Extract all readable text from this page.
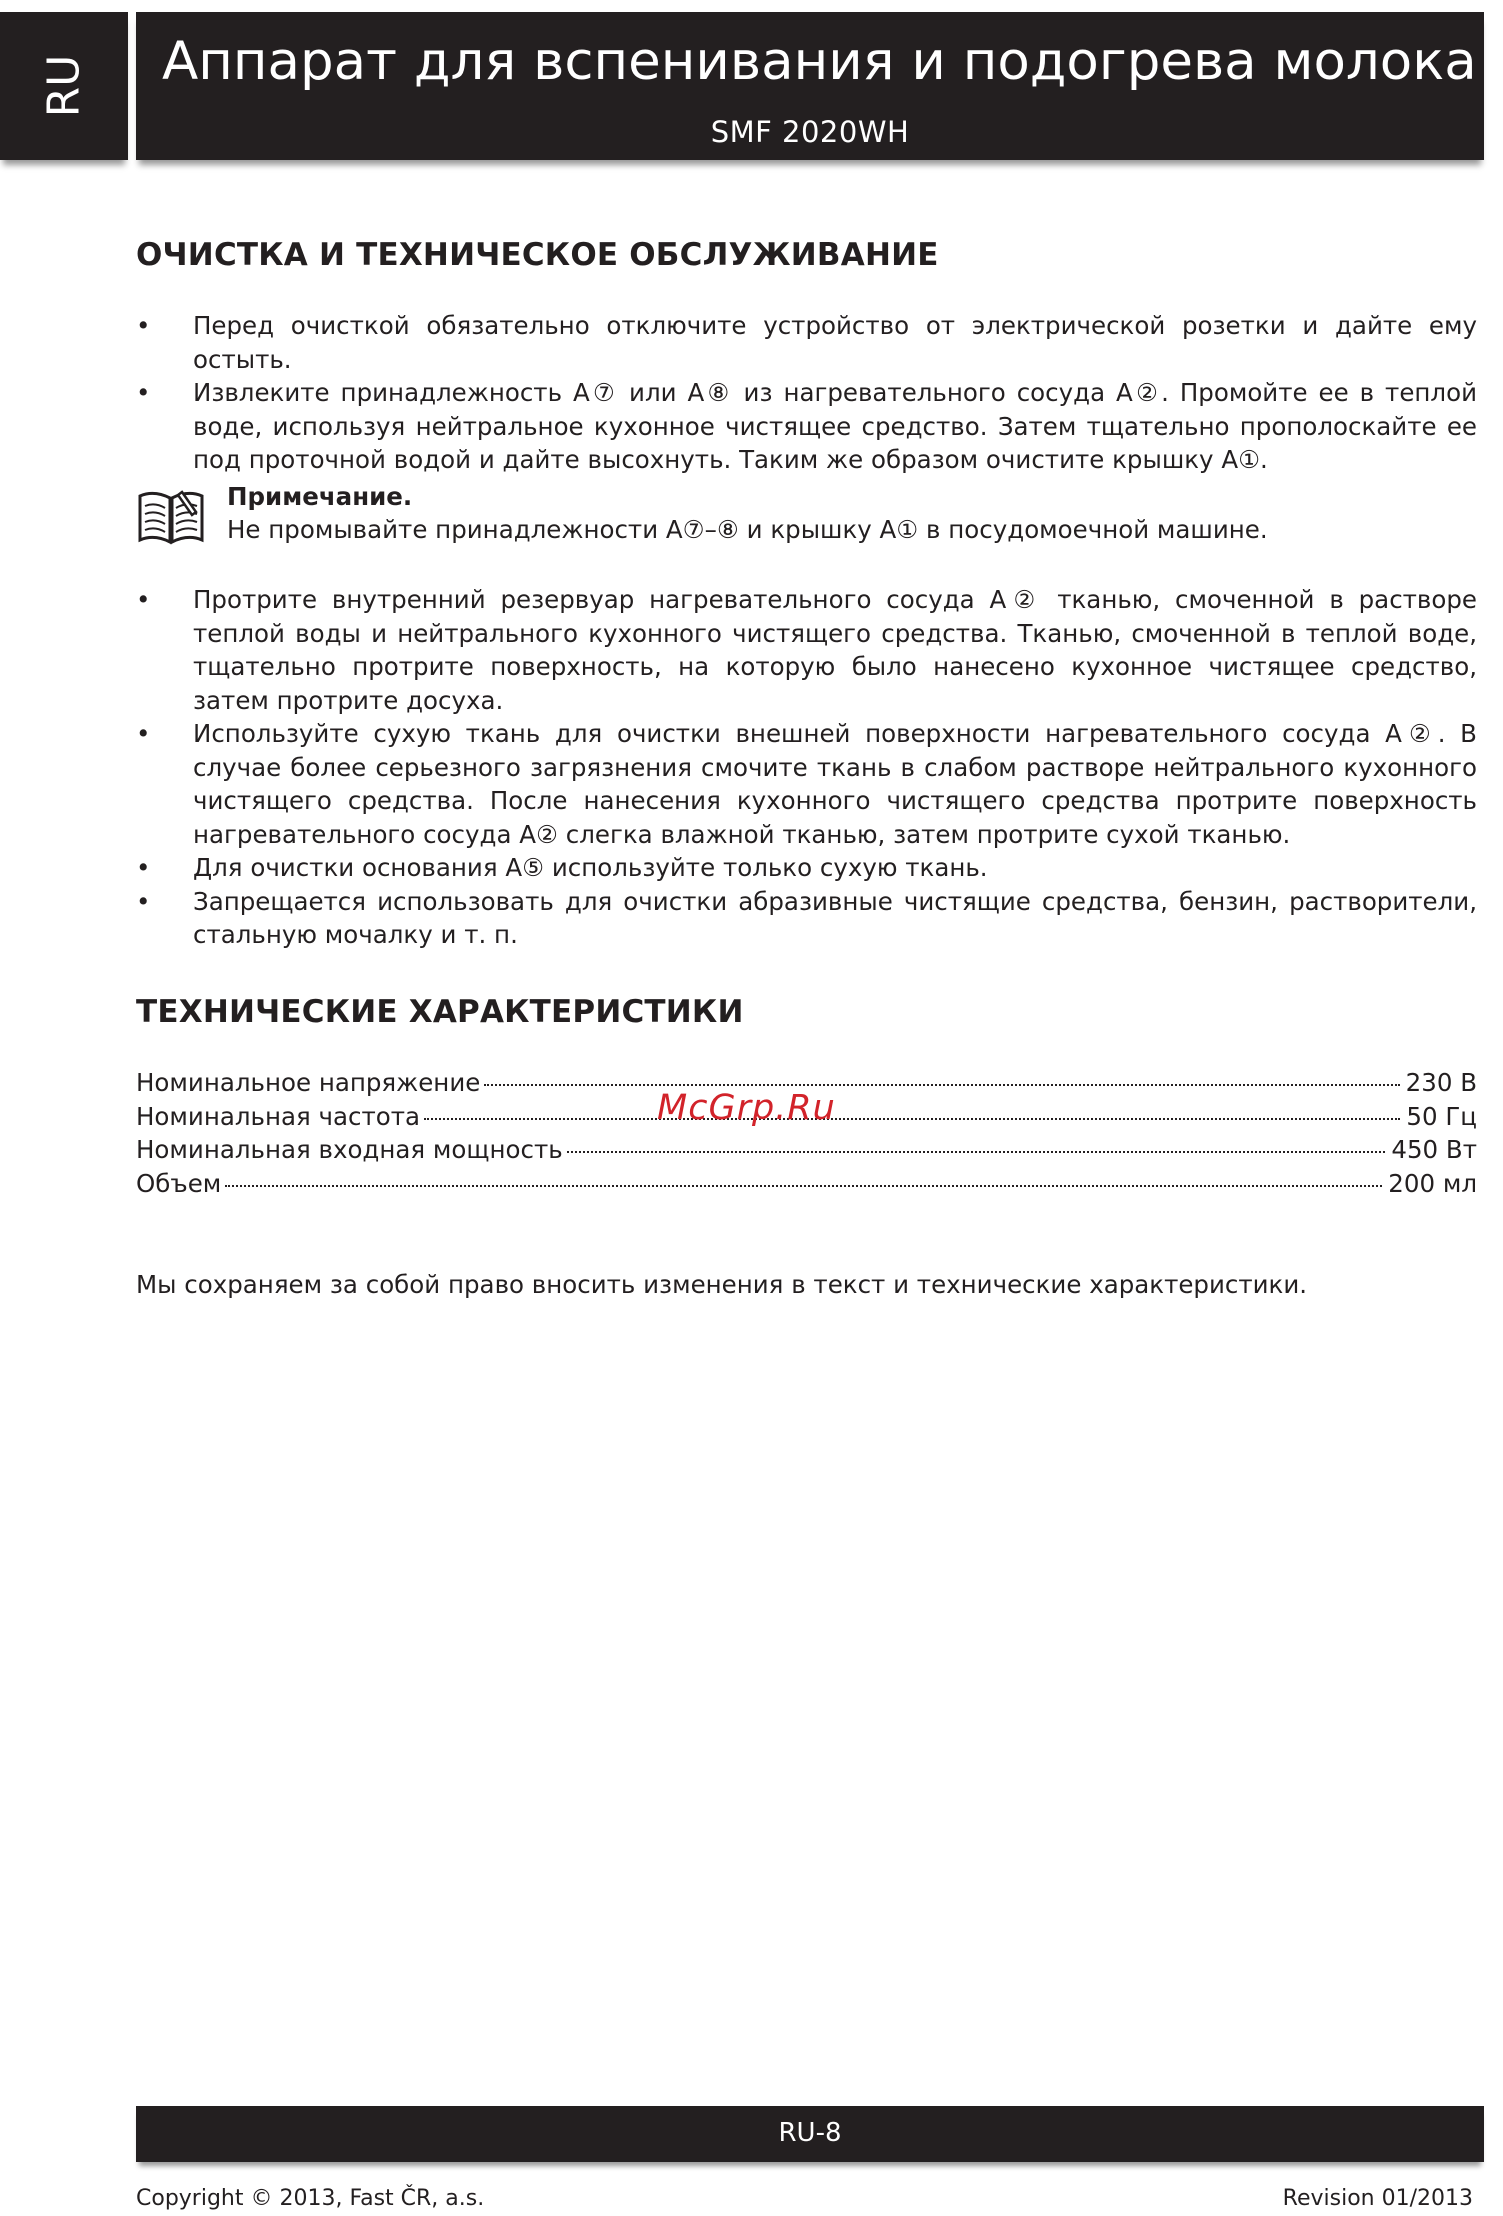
RU Аппарат для вспенивания и подогрева молока
SMF 2020WH
ОЧИСТКА И ТЕХНИЧЕСКОЕ ОБСЛУЖИВАНИЕ
• Перед очисткой обязательно отключите устройство от электрической розетки и дайте ему остыть.
• Извлеките принадлежность A⑦ или A⑧ из нагревательного сосуда A②. Промойте ее в теплой воде, используя нейтральное кухонное чистящее средство. Затем тщательно прополоскайте ее под проточной водой и дайте высохнуть. Таким же образом очистите крышку A①.
Примечание.
Не промывайте принадлежности A⑦–⑧ и крышку A① в посудомоечной машине.
• Протрите внутренний резервуар нагревательного сосуда A② тканью, смоченной в растворе теплой воды и нейтрального кухонного чистящего средства. Тканью, смоченной в теплой воде, тщательно протрите поверхность, на которую было нанесено кухонное чистящее средство, затем протрите досуха.
• Используйте сухую ткань для очистки внешней поверхности нагревательного сосуда A②. В случае более серьезного загрязнения смочите ткань в слабом растворе нейтрального кухонного чистящего средства. После нанесения кухонного чистящего средства протрите поверхность нагревательного сосуда A② слегка влажной тканью, затем протрите сухой тканью.
• Для очистки основания A⑤ используйте только сухую ткань.
• Запрещается использовать для очистки абразивные чистящие средства, бензин, растворители, стальную мочалку и т. п.
ТЕХНИЧЕСКИЕ ХАРАКТЕРИСТИКИ
Номинальное напряжение	230 В
Номинальная частота	50 Гц
Номинальная входная мощность	450 Вт
Объем	200 мл
McGrp.Ru
Мы сохраняем за собой право вносить изменения в текст и технические характеристики.
RU-8
Copyright © 2013, Fast ČR, a.s.	Revision 01/2013
